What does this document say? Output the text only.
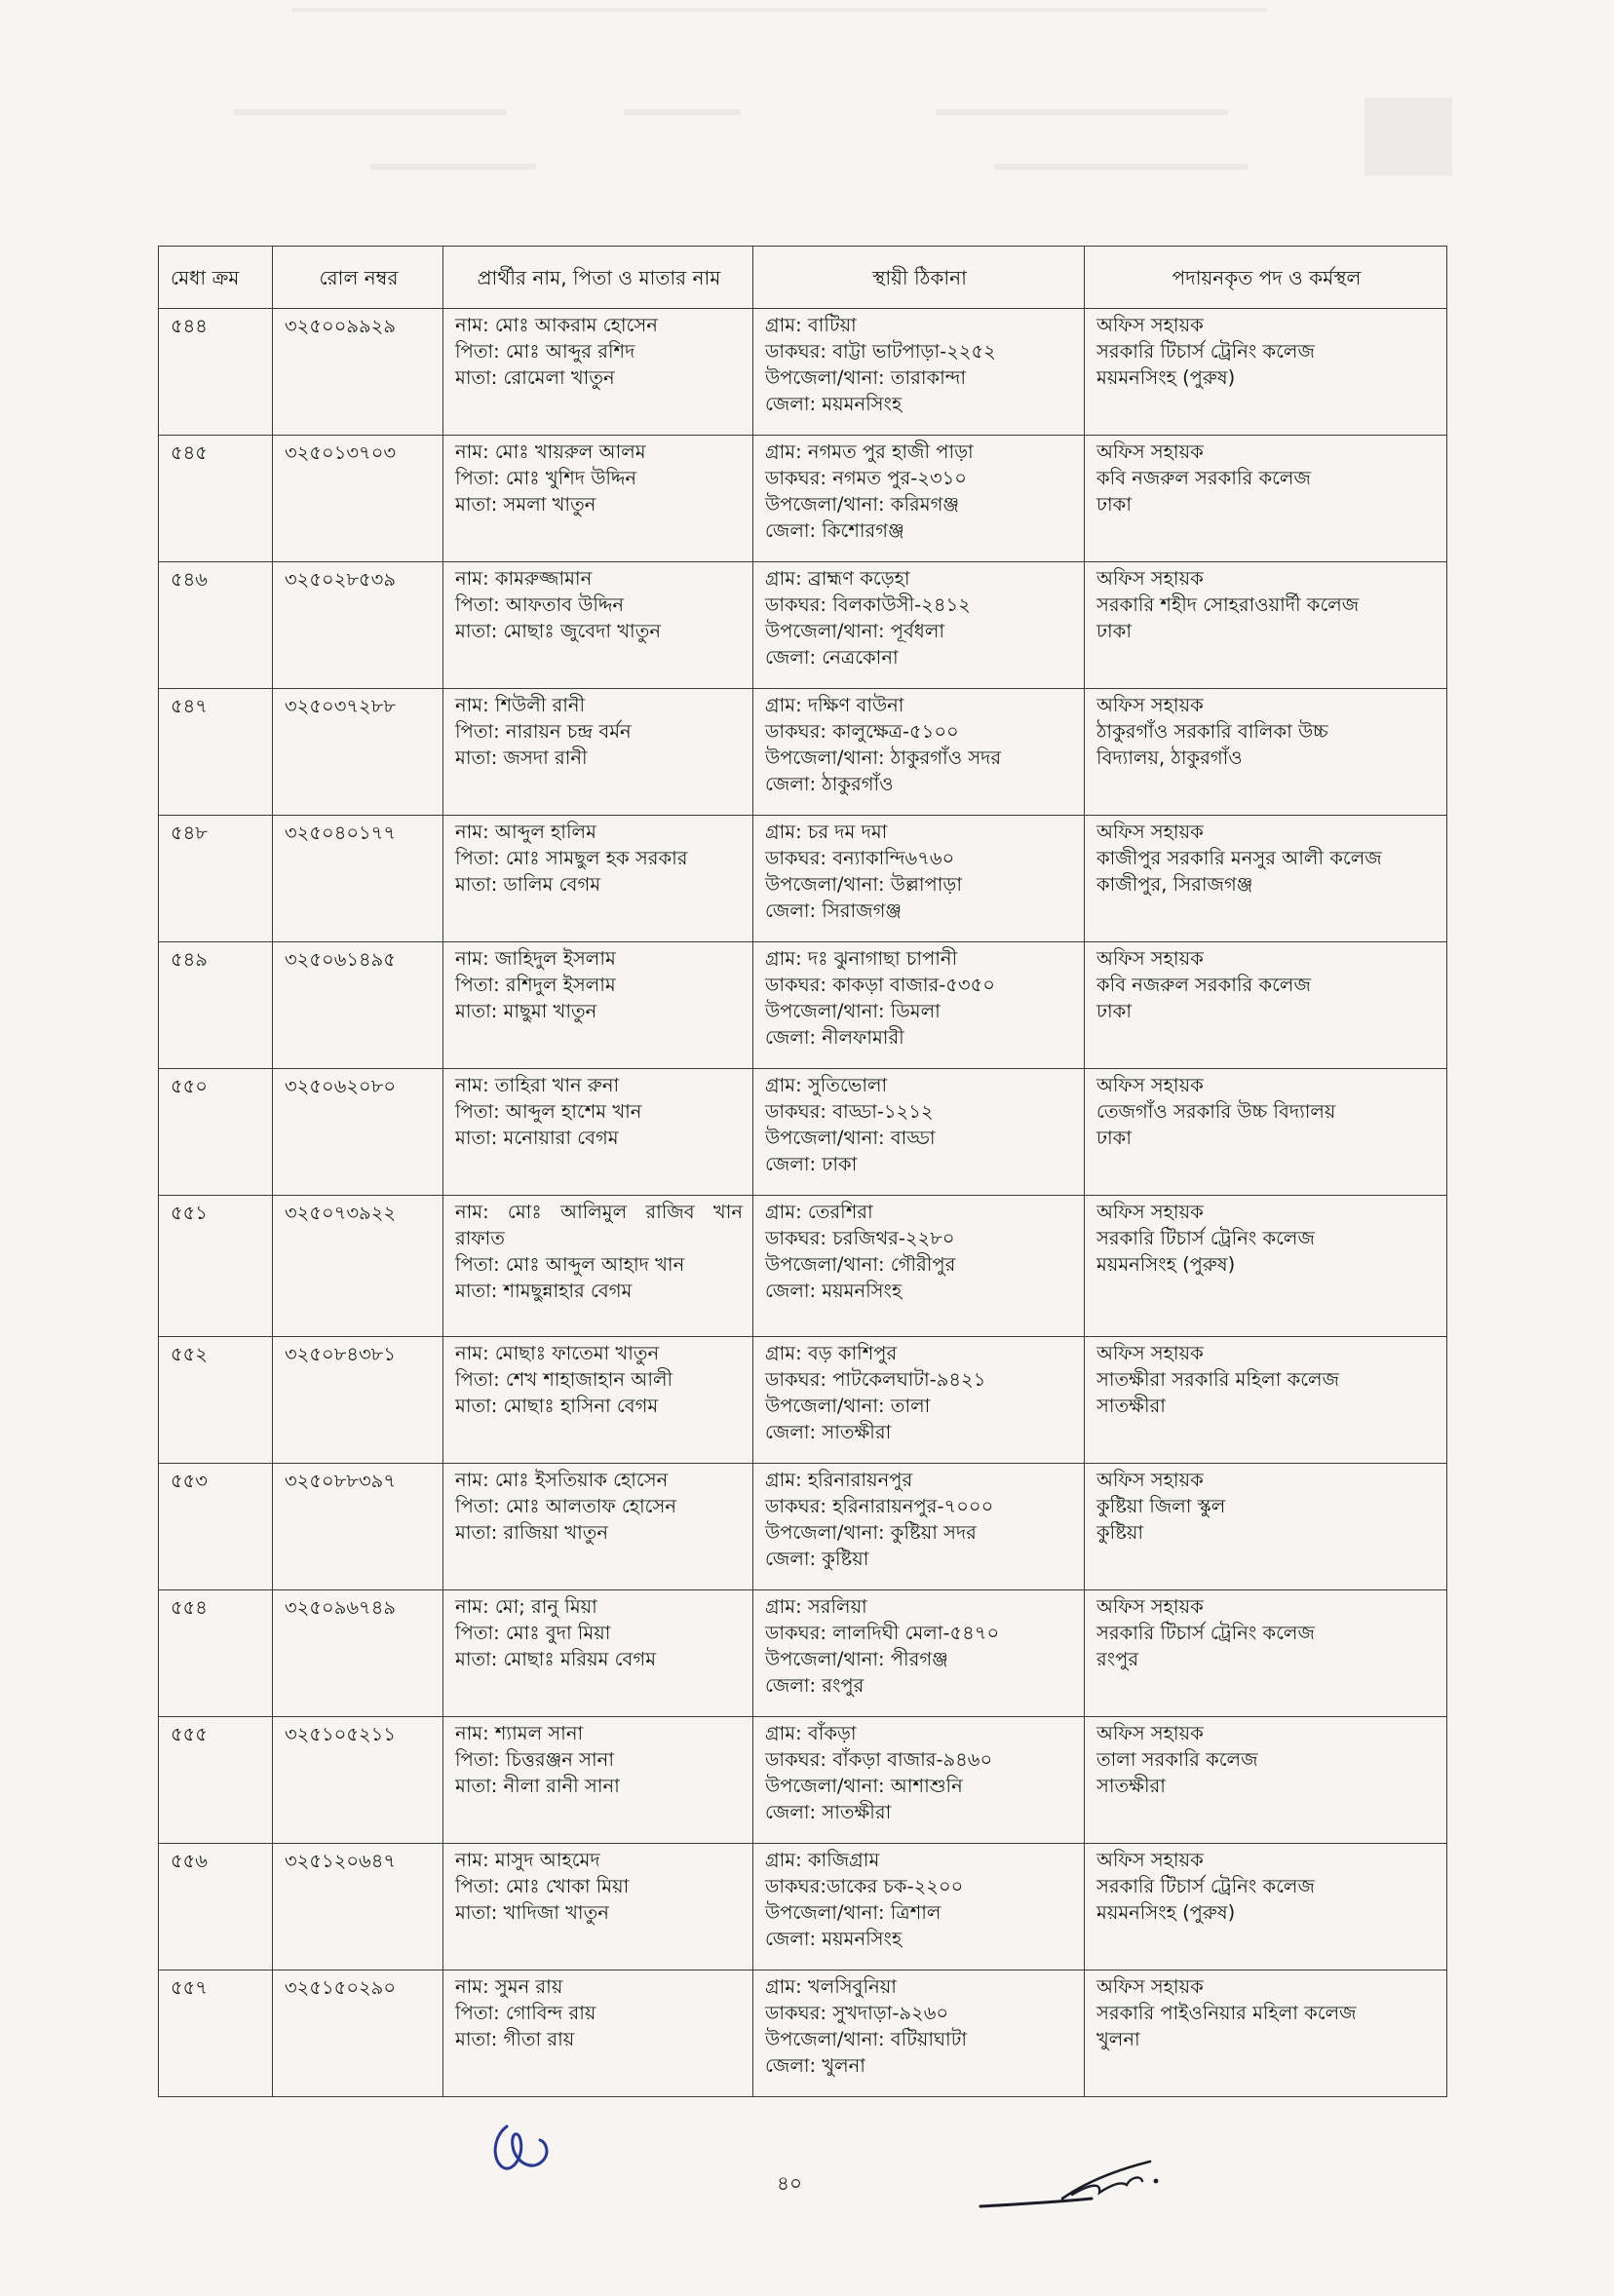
মেধা ক্রম	রোল নম্বর	প্রার্থীর নাম, পিতা ও মাতার নাম	স্থায়ী ঠিকানা	পদায়নকৃত পদ ও কর্মস্থল
৫৪৪	৩২৫০০৯৯২৯	নাম: মোঃ আকরাম হোসেন
পিতা: মোঃ আব্দুর রশিদ
মাতা: রোমেলা খাতুন	গ্রাম: বাটিয়া
ডাকঘর: বাট্টা ভাটপাড়া-২২৫২
উপজেলা/থানা: তারাকান্দা
জেলা: ময়মনসিংহ	অফিস সহায়ক
সরকারি টিচার্স ট্রেনিং কলেজ
ময়মনসিংহ (পুরুষ)

৫৪৫	৩২৫০১৩৭০৩	নাম: মোঃ খায়রুল আলম
পিতা: মোঃ খুশিদ উদ্দিন
মাতা: সমলা খাতুন	গ্রাম: নগমত পুর হাজী পাড়া
ডাকঘর: নগমত পুর-২৩১০
উপজেলা/থানা: করিমগঞ্জ
জেলা: কিশোরগঞ্জ	অফিস সহায়ক
কবি নজরুল সরকারি কলেজ
ঢাকা

৫৪৬	৩২৫০২৮৫৩৯	নাম: কামরুজ্জামান
পিতা: আফতাব উদ্দিন
মাতা: মোছাঃ জুবেদা খাতুন	গ্রাম: ব্রাহ্মণ কড়েহা
ডাকঘর: বিলকাউসী-২৪১২
উপজেলা/থানা: পূর্বধলা
জেলা: নেত্রকোনা	অফিস সহায়ক
সরকারি শহীদ সোহরাওয়ার্দী কলেজ
ঢাকা

৫৪৭	৩২৫০৩৭২৮৮	নাম: শিউলী রানী
পিতা: নারায়ন চন্দ্র বর্মন
মাতা: জসদা রানী	গ্রাম: দক্ষিণ বাউনা
ডাকঘর: কালুক্ষেত্র-৫১০০
উপজেলা/থানা: ঠাকুরগাঁও সদর
জেলা: ঠাকুরগাঁও	অফিস সহায়ক
ঠাকুরগাঁও সরকারি বালিকা উচ্চ
বিদ্যালয়, ঠাকুরগাঁও

৫৪৮	৩২৫০৪০১৭৭	নাম: আব্দুল হালিম
পিতা: মোঃ সামছুল হক সরকার
মাতা: ডালিম বেগম	গ্রাম: চর দম দমা
ডাকঘর: বন্যাকান্দি৬৭৬০
উপজেলা/থানা: উল্লাপাড়া
জেলা: সিরাজগঞ্জ	অফিস সহায়ক
কাজীপুর সরকারি মনসুর আলী কলেজ
কাজীপুর, সিরাজগঞ্জ

৫৪৯	৩২৫০৬১৪৯৫	নাম: জাহিদুল ইসলাম
পিতা: রশিদুল ইসলাম
মাতা: মাছুমা খাতুন	গ্রাম: দঃ ঝুনাগাছা চাপানী
ডাকঘর: কাকড়া বাজার-৫৩৫০
উপজেলা/থানা: ডিমলা
জেলা: নীলফামারী	অফিস সহায়ক
কবি নজরুল সরকারি কলেজ
ঢাকা

৫৫০	৩২৫০৬২০৮০	নাম: তাহিরা খান রুনা
পিতা: আব্দুল হাশেম খান
মাতা: মনোয়ারা বেগম	গ্রাম: সুতিভোলা
ডাকঘর: বাড্ডা-১২১২
উপজেলা/থানা: বাড্ডা
জেলা: ঢাকা	অফিস সহায়ক
তেজগাঁও সরকারি উচ্চ বিদ্যালয়
ঢাকা

৫৫১	৩২৫০৭৩৯২২	নাম: মোঃ আলিমুল রাজিব খান রাফাত
পিতা: মোঃ আব্দুল আহাদ খান
মাতা: শামছুন্নাহার বেগম	গ্রাম: তেরশিরা
ডাকঘর: চরজিথর-২২৮০
উপজেলা/থানা: গৌরীপুর
জেলা: ময়মনসিংহ	অফিস সহায়ক
সরকারি টিচার্স ট্রেনিং কলেজ
ময়মনসিংহ (পুরুষ)

৫৫২	৩২৫০৮৪৩৮১	নাম: মোছাঃ ফাতেমা খাতুন
পিতা: শেখ শাহাজাহান আলী
মাতা: মোছাঃ হাসিনা বেগম	গ্রাম: বড় কাশিপুর
ডাকঘর: পাটকেলঘাটা-৯৪২১
উপজেলা/থানা: তালা
জেলা: সাতক্ষীরা	অফিস সহায়ক
সাতক্ষীরা সরকারি মহিলা কলেজ
সাতক্ষীরা

৫৫৩	৩২৫০৮৮৩৯৭	নাম: মোঃ ইসতিয়াক হোসেন
পিতা: মোঃ আলতাফ হোসেন
মাতা: রাজিয়া খাতুন	গ্রাম: হরিনারায়নপুর
ডাকঘর: হরিনারায়নপুর-৭০০০
উপজেলা/থানা: কুষ্টিয়া সদর
জেলা: কুষ্টিয়া	অফিস সহায়ক
কুষ্টিয়া জিলা স্কুল
কুষ্টিয়া

৫৫৪	৩২৫০৯৬৭৪৯	নাম: মো; রানু মিয়া
পিতা: মোঃ বুদা মিয়া
মাতা: মোছাঃ মরিয়ম বেগম	গ্রাম: সরলিয়া
ডাকঘর: লালদিঘী মেলা-৫৪৭০
উপজেলা/থানা: পীরগঞ্জ
জেলা: রংপুর	অফিস সহায়ক
সরকারি টিচার্স ট্রেনিং কলেজ
রংপুর

৫৫৫	৩২৫১০৫২১১	নাম: শ্যামল সানা
পিতা: চিত্তরঞ্জন সানা
মাতা: নীলা রানী সানা	গ্রাম: বাঁকড়া
ডাকঘর: বাঁকড়া বাজার-৯৪৬০
উপজেলা/থানা: আশাশুনি
জেলা: সাতক্ষীরা	অফিস সহায়ক
তালা সরকারি কলেজ
সাতক্ষীরা

৫৫৬	৩২৫১২০৬৪৭	নাম: মাসুদ আহমেদ
পিতা: মোঃ খোকা মিয়া
মাতা: খাদিজা খাতুন	গ্রাম: কাজিগ্রাম
ডাকঘর:ডাকের চক-২২০০
উপজেলা/থানা: ত্রিশাল
জেলা: ময়মনসিংহ	অফিস সহায়ক
সরকারি টিচার্স ট্রেনিং কলেজ
ময়মনসিংহ (পুরুষ)

৫৫৭	৩২৫১৫০২৯০	নাম: সুমন রায়
পিতা: গোবিন্দ রায়
মাতা: গীতা রায়	গ্রাম: খলসিবুনিয়া
ডাকঘর: সুখদাড়া-৯২৬০
উপজেলা/থানা: বটিয়াঘাটা
জেলা: খুলনা	অফিস সহায়ক
সরকারি পাইওনিয়ার মহিলা কলেজ
খুলনা
৪০
